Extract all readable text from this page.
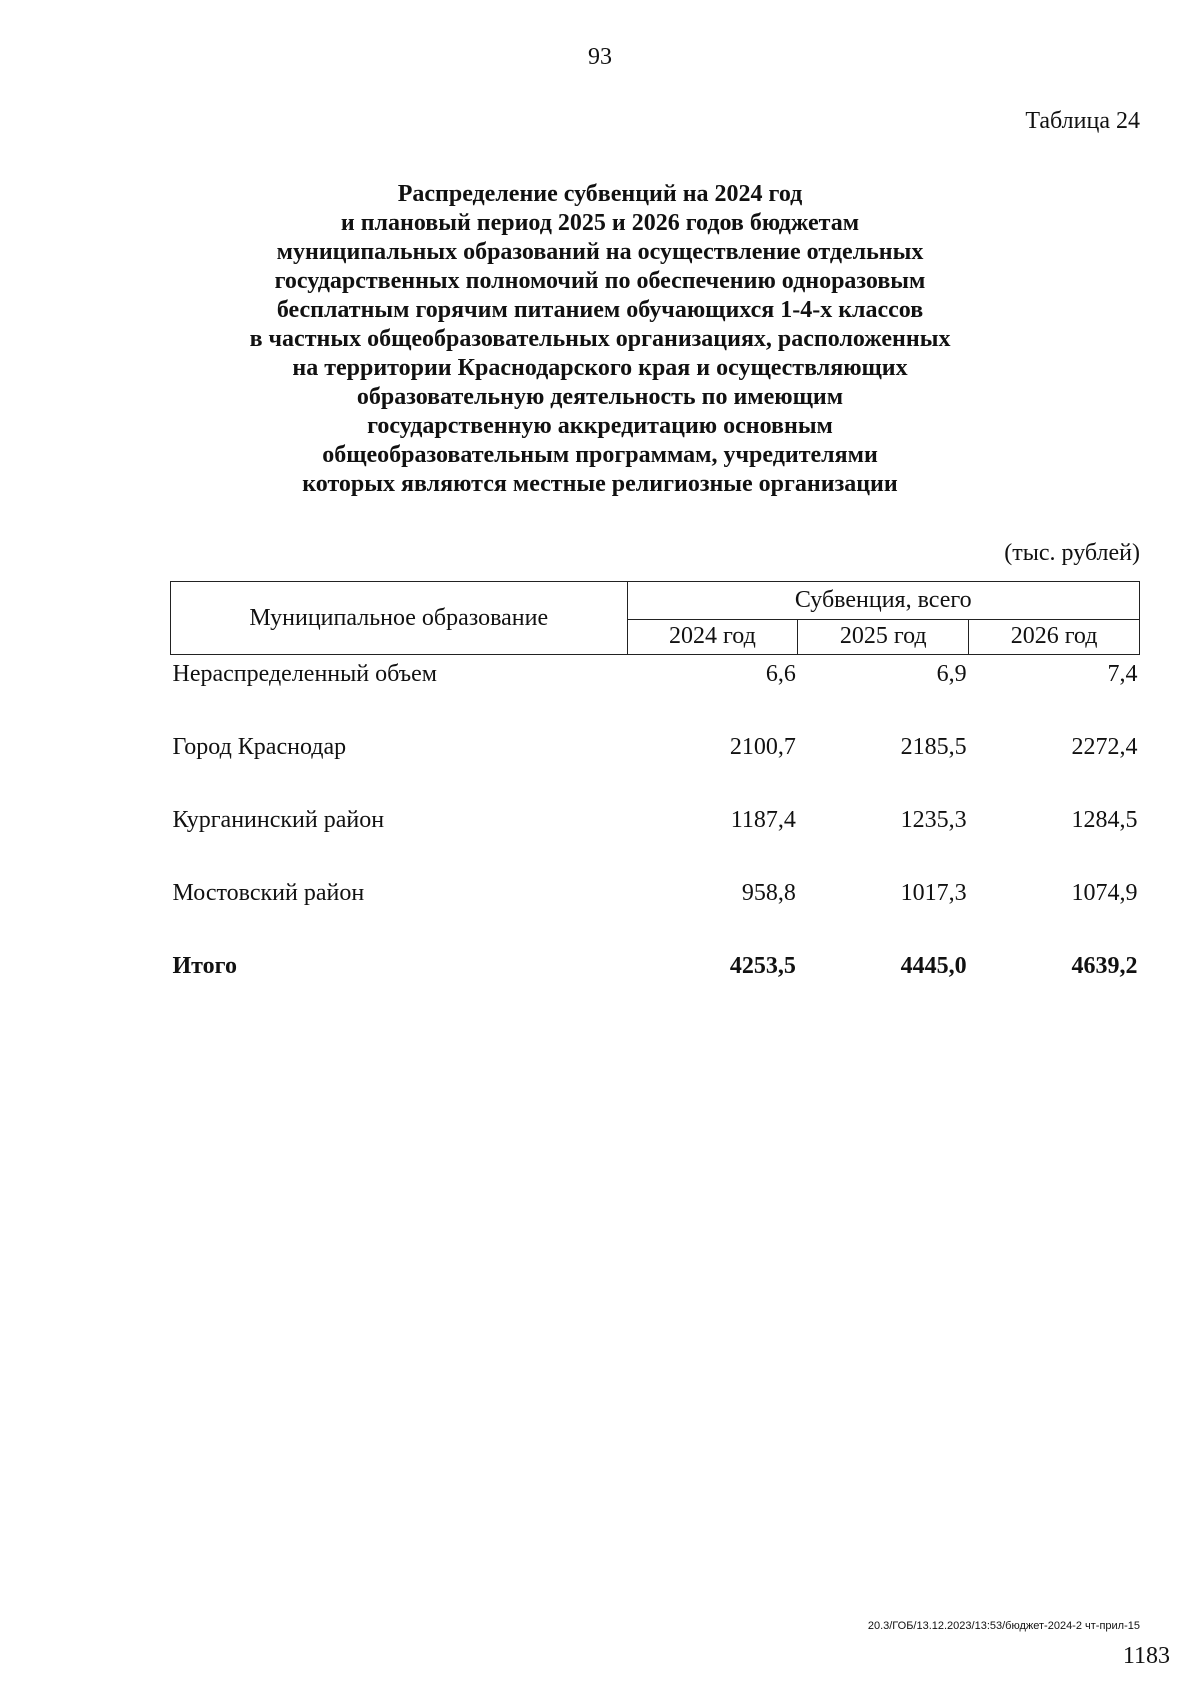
93
Таблица 24
Распределение субвенций на 2024 год
и плановый период 2025 и 2026 годов бюджетам
муниципальных образований на осуществление отдельных
государственных полномочий по обеспечению одноразовым
бесплатным горячим питанием обучающихся 1-4-х классов
в частных общеобразовательных организациях, расположенных
на территории Краснодарского края и осуществляющих
образовательную деятельность по имеющим
государственную аккредитацию основным
общеобразовательным программам, учредителями
которых являются местные религиозные организации
(тыс. рублей)
Муниципальное образование	Субвенция, всего		
	2024 год	2025 год	2026 год
Нераспределенный объем	6,6	6,9	7,4
Город Краснодар	2100,7	2185,5	2272,4
Курганинский район	1187,4	1235,3	1284,5
Мостовский район	958,8	1017,3	1074,9
Итого	4253,5	4445,0	4639,2
20.3/ГОБ/13.12.2023/13:53/бюджет-2024-2 чт-прил-15
1183
